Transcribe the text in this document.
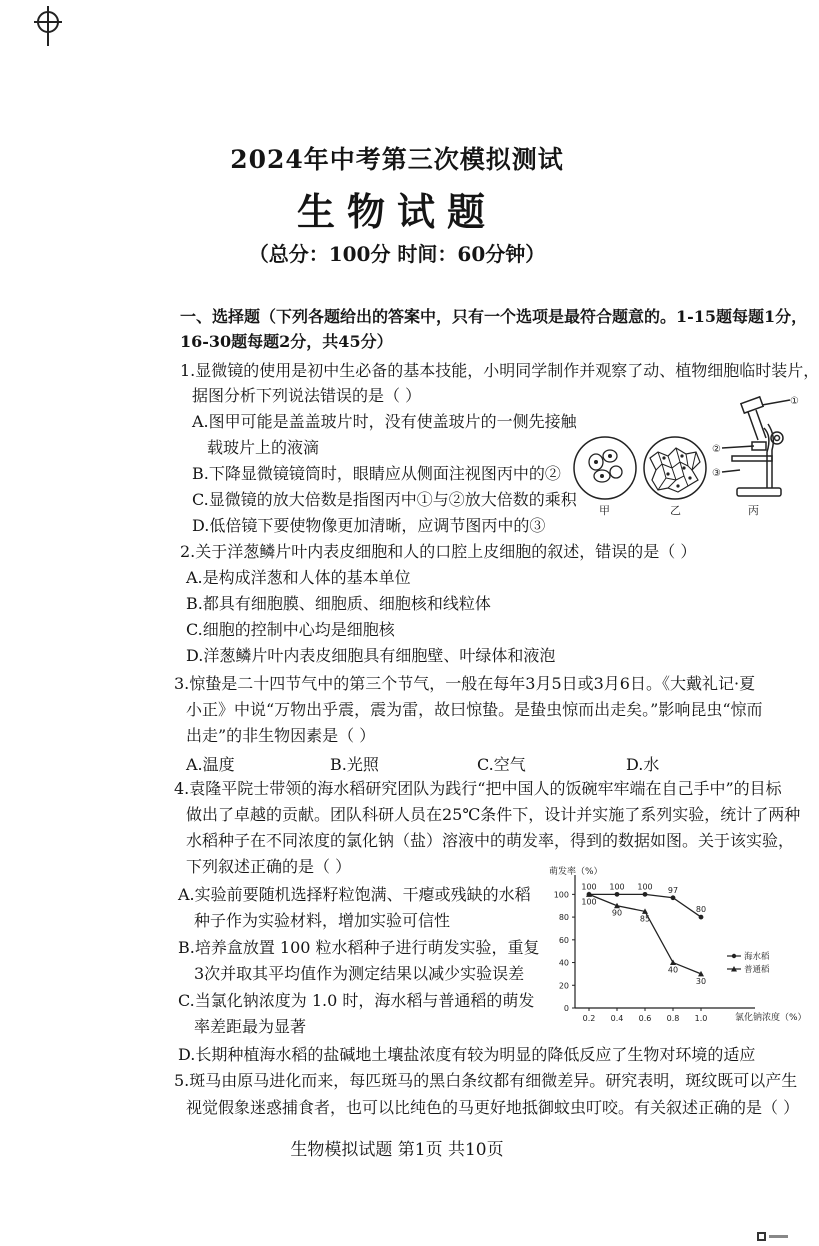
2024年中考第三次模拟测试
生物试题
（总分：100分 时间：60分钟）
一、选择题（下列各题给出的答案中，只有一个选项是最符合题意的。1-15题每题1分，
16-30题每题2分，共45分）
1.显微镜的使用是初中生必备的基本技能，小明同学制作并观察了动、植物细胞临时装片，
据图分析下列说法错误的是（ ）
A.图甲可能是盖盖玻片时，没有使盖玻片的一侧先接触
载玻片上的液滴
B.下降显微镜镜筒时，眼睛应从侧面注视图丙中的②
C.显微镜的放大倍数是指图丙中①与②放大倍数的乘积
D.低倍镜下要使物像更加清晰，应调节图丙中的③
①
②
③
甲	乙	丙
2.关于洋葱鳞片叶内表皮细胞和人的口腔上皮细胞的叙述，错误的是（ ）
A.是构成洋葱和人体的基本单位
B.都具有细胞膜、细胞质、细胞核和线粒体
C.细胞的控制中心均是细胞核
D.洋葱鳞片叶内表皮细胞具有细胞壁、叶绿体和液泡
3.惊蛰是二十四节气中的第三个节气，一般在每年3月5日或3月6日。《大戴礼记·夏
小正》中说“万物出乎震，震为雷，故曰惊蛰。是蛰虫惊而出走矣。”影响昆虫“惊而
出走”的非生物因素是（ ）
A.温度	B.光照	C.空气	D.水
4.袁隆平院士带领的海水稻研究团队为践行“把中国人的饭碗牢牢端在自己手中”的目标
做出了卓越的贡献。团队科研人员在25℃条件下，设计并实施了系列实验，统计了两种
水稻种子在不同浓度的氯化钠（盐）溶液中的萌发率，得到的数据如图。关于该实验，
下列叙述正确的是（ ）
A.实验前要随机选择籽粒饱满、干瘪或残缺的水稻
种子作为实验材料，增加实验可信性
B.培养盒放置 100 粒水稻种子进行萌发实验，重复
3次并取其平均值作为测定结果以减少实验误差
C.当氯化钠浓度为 1.0 时，海水稻与普通稻的萌发
率差距最为显著
D.长期种植海水稻的盐碱地土壤盐浓度有较为明显的降低反应了生物对环境的适应
萌发率（%）
氯化钠浓度（%）
0
20
40
60
80
100
0.2 0.4 0.6 0.8 1.0
100 100 100 97
80
100
90
85
40
30
海水稻
普通稻
5.斑马由原马进化而来，每匹斑马的黑白条纹都有细微差异。研究表明，斑纹既可以产生
视觉假象迷惑捕食者，也可以比纯色的马更好地抵御蚊虫叮咬。有关叙述正确的是（ ）
生物模拟试题 第1页 共10页
